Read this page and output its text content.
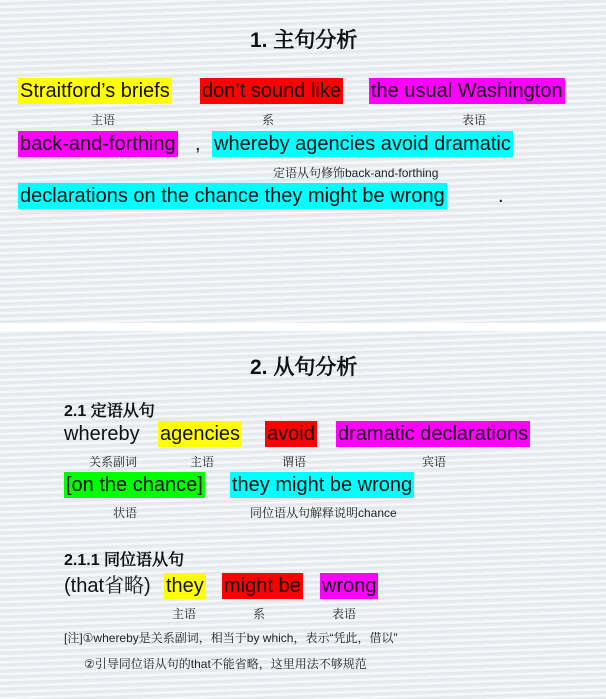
1. 主句分析
Straitford’s briefs don’t sound like the usual Washington
主语	系	表语
back-and-forthing , whereby agencies avoid dramatic
定语从句修饰back-and-forthing
declarations on the chance they might be wrong	.
2. 从句分析
2.1 定语从句
whereby agencies avoid dramatic declarations
关系副词	主语	谓语	宾语
[on the chance] they might be wrong
状语	同位语从句解释说明chance
2.1.1 同位语从句
(that省略) they might be wrong
主语	系	表语
[注]①whereby是关系副词，相当于by which，表示“凭此，借以”
②引导同位语从句的that不能省略，这里用法不够规范
